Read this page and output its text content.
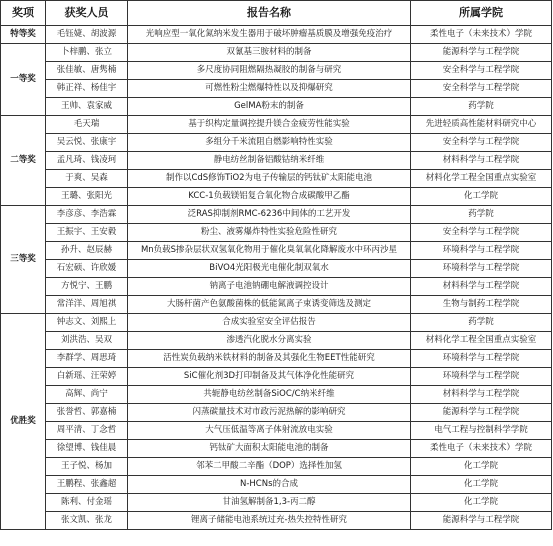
奖项	获奖人员	报告名称	所属学院
特等奖	毛钰婕、胡波源	光响应型一氧化氮纳米发生器用于破坏肿瘤基质膜及增强免疫治疗	柔性电子（未来技术）学院
一等奖	卜梓鹏、张立	双氰基三胺材料的制备	能源科学与工程学院
	张佳敏、唐隽楠	多尺度协同阻燃隔热凝胶的制备与研究	安全科学与工程学院
	韩正祥、杨佳宇	可燃性粉尘燃爆特性以及抑爆研究	安全科学与工程学院
	王帅、袁家威	GelMA粉末的制备	药学院
二等奖	毛天瑞	基于织构定量调控提升镁合金疲劳性能实验	先进轻质高性能材料研究中心
	吴云悦、张康宇	多组分千米流阻自燃影响特性实验	安全科学与工程学院
	孟凡琦、钱凌珂	静电纺丝制备铝酸钴纳米纤维	材料科学与工程学院
	于爽、吴森	制作以CdS修饰TiO2为电子传输层的钙钛矿太阳能电池	材料化学工程全国重点实验室
	王璐、张阳光	KCC-1负载镁铝复合氧化物合成碳酸甲乙酯	化工学院
三等奖	李彦彦、李浩霖	泛RAS抑制剂RMC-6236中间体的工艺开发	药学院
	王振宇、王安毅	粉尘、液雾爆炸特性实验危险性研究	安全科学与工程学院
	孙升、赵辰赫	Mn负载S掺杂层状双氢氧化物用于催化臭氧氧化降解废水中环丙沙星	环境科学与工程学院
	石宏硕、许欣媛	BiVO4光阳极光电催化制双氧水	环境科学与工程学院
	方悦宁、王鹏	钠离子电池钠硼电解液调控设计	材料科学与工程学院
	常洋洋、周旭祺	大肠杆菌产色氨酸菌株的低能氮离子束诱变筛选及测定	生物与制药工程学院
优胜奖	钟志文、刘熙上	合成实验室安全评估报告	药学院
	刘洪浩、吴双	渗透汽化脱水分离实验	材料化学工程全国重点实验室
	李群学、周思琦	活性炭负载纳米铁材料的制备及其强化生物EET性能研究	环境科学与工程学院
	白新瑶、汪荣婷	SiC催化剂3D打印制备及其气体净化性能研究	环境科学与工程学院
	高辉、尚宁	共轭静电纺丝制备SiOC/C纳米纤维	材料科学与工程学院
	张誉哲、郭嘉楠	闪蒸碳量技术对市政污泥热解的影响研究	能源科学与工程学院
	周平清、丁念哲	大气压低温等离子体射流放电实验	电气工程与控制科学学院
	徐望博、钱佳晨	钙钛矿大面积太阳能电池的制备	柔性电子（未来技术）学院
	王子悦、杨加	邻苯二甲酸二辛酯（DOP）选择性加氢	化工学院
	王鹏程、张鑫超	N-HCNs的合成	化工学院
	陈利、付金瑶	甘油氢解制备1,3-丙二醇	化工学院
	张文凯、张龙	锂离子储能电池系统过充-热失控特性研究	能源科学与工程学院
